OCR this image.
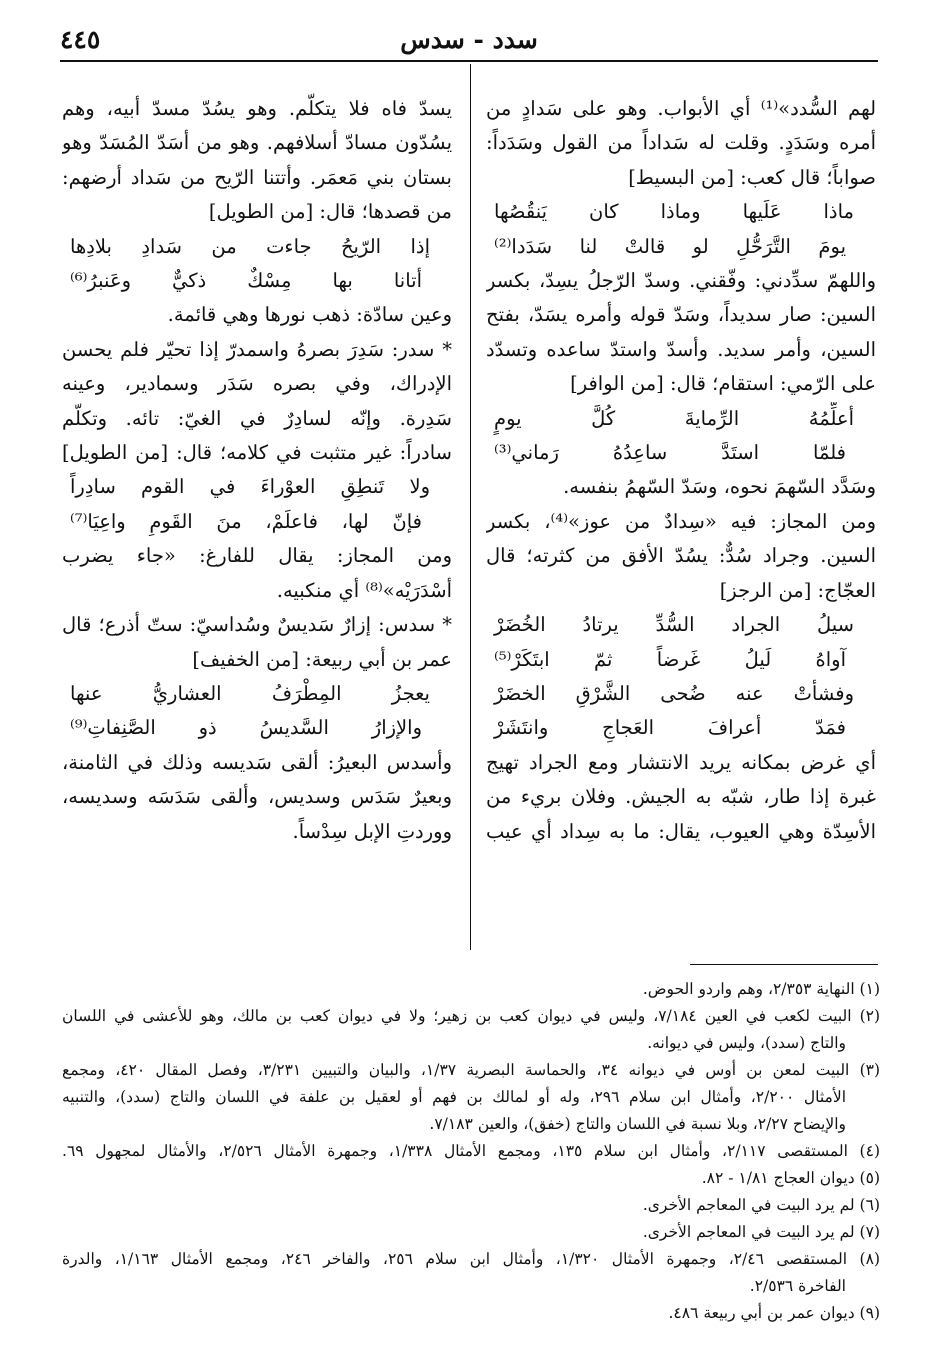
٤٤٥	سدد - سدس
لهم السُّدد»⁽¹⁾ أي الأبواب. وهو على سَدادٍ من
أمره وسَدَدٍ. وقلت له سَداداً من القول وسَدَداً:
صواباً؛ قال كعب: [من البسيط]
ماذا عَلَيها وماذا كان يَنقُصُها
يومَ التَّرَحُّلِ لو قالتْ لنا سَدَدا⁽²⁾
واللهمّ سدِّدني: وفّقني. وسدّ الرّجلُ يسِدّ، بكسر
السين: صار سديداً، وسَدّ قوله وأمره يسَدّ، بفتح
السين، وأمر سديد. وأسدّ واستدّ ساعده وتسدّد
على الرّمي: استقام؛ قال: [من الوافر]
أعلِّمُهُ الرِّمايةَ كُلَّ يومٍ
فلمّا استَدَّ ساعِدُهُ رَماني⁽³⁾
وسَدَّد السّهمَ نحوه، وسَدّ السّهمُ بنفسه.
ومن المجاز: فيه «سِدادٌ من عوز»⁽⁴⁾، بكسر
السين. وجراد سُدٌّ: يسُدّ الأفق من كثرته؛ قال
العجّاج: [من الرجز]
سيلُ الجراد السُّدِّ يرتادُ الخُضَرْ
آواهُ لَيلُ غَرضاً ثمّ ابتَكَرْ⁽⁵⁾
وفشأتْ عنه ضُحى الشَّرْقِ الخضَرْ
فمَدّ أعرافَ العَجاجِ وانتَشَرْ
أي غرض بمكانه يريد الانتشار ومع الجراد تهيج
غبرة إذا طار، شبّه به الجيش. وفلان بريء من
الأسِدّة وهي العيوب، يقال: ما به سِداد أي عيب
يسدّ فاه فلا يتكلّم. وهو يسُدّ مسدّ أبيه، وهم
يسُدّون مسادّ أسلافهم. وهو من أسَدّ المُسَدّ وهو
بستان بني مَعمَر. وأتتنا الرّيح من سَداد أرضهم:
من قصدها؛ قال: [من الطويل]
إذا الرّيحُ جاءت من سَدادِ بلادِها
أتانا بها مِسْكٌ ذكيٌّ وعَنبرُ⁽⁶⁾
وعين سادّة: ذهب نورها وهي قائمة.
* سدر: سَدِرَ بصرهُ واسمدرّ إذا تحيّر فلم يحسن
الإدراك، وفي بصره سَدَر وسمادير، وعينه
سَدِرة. وإنّه لسادِرٌ في الغيّ: تائه. وتكلّم
سادراً: غير متثبت في كلامه؛ قال: [من الطويل]
ولا تَنطِقِ العوْراءَ في القوم سادِراً
فإنّ لها، فاعلَمْ، منَ القَومِ واعِيَا⁽⁷⁾
ومن المجاز: يقال للفارغ: «جاء يضرب
أسْدَرَيْه»⁽⁸⁾ أي منكبيه.
* سدس: إزارٌ سَديسٌ وسُداسيّ: ستّ أذرع؛ قال
عمر بن أبي ربيعة: [من الخفيف]
يعجزُ المِطْرَفُ العشاريُّ عنها
والإزارُ السَّديسُ ذو الصَّنِفاتِ⁽⁹⁾
وأسدس البعيرُ: ألقى سَديسه وذلك في الثامنة،
وبعيرٌ سَدَس وسديس، وألقى سَدَسَه وسديسه،
ووردتِ الإبل سِدْساً.
(١) النهاية ٢/٣٥٣، وهم واردو الحوض.
(٢) البيت لكعب في العين ٧/١٨٤، وليس في ديوان كعب بن زهير؛ ولا في ديوان كعب بن مالك، وهو للأعشى في اللسان
والتاج (سدد)، وليس في ديوانه.
(٣) البيت لمعن بن أوس في ديوانه ٣٤، والحماسة البصرية ١/٣٧، والبيان والتبيين ٣/٢٣١، وفصل المقال ٤٢٠، ومجمع
الأمثال ٢/٢٠٠، وأمثال ابن سلام ٢٩٦، وله أو لمالك بن فهم أو لعقيل بن علفة في اللسان والتاج (سدد)، والتنبيه
والإيضاح ٢/٢٧، وبلا نسبة في اللسان والتاج (خفق)، والعين ٧/١٨٣.
(٤) المستقصى ٢/١١٧، وأمثال ابن سلام ١٣٥، ومجمع الأمثال ١/٣٣٨، وجمهرة الأمثال ٢/٥٢٦، والأمثال لمجهول ٦٩.
(٥) ديوان العجاج ١/٨١ - ٨٢.
(٦) لم يرد البيت في المعاجم الأخرى.
(٧) لم يرد البيت في المعاجم الأخرى.
(٨) المستقصى ٢/٤٦، وجمهرة الأمثال ١/٣٢٠، وأمثال ابن سلام ٢٥٦، والفاخر ٢٤٦، ومجمع الأمثال ١/١٦٣، والدرة
الفاخرة ٢/٥٣٦.
(٩) ديوان عمر بن أبي ربيعة ٤٨٦.
